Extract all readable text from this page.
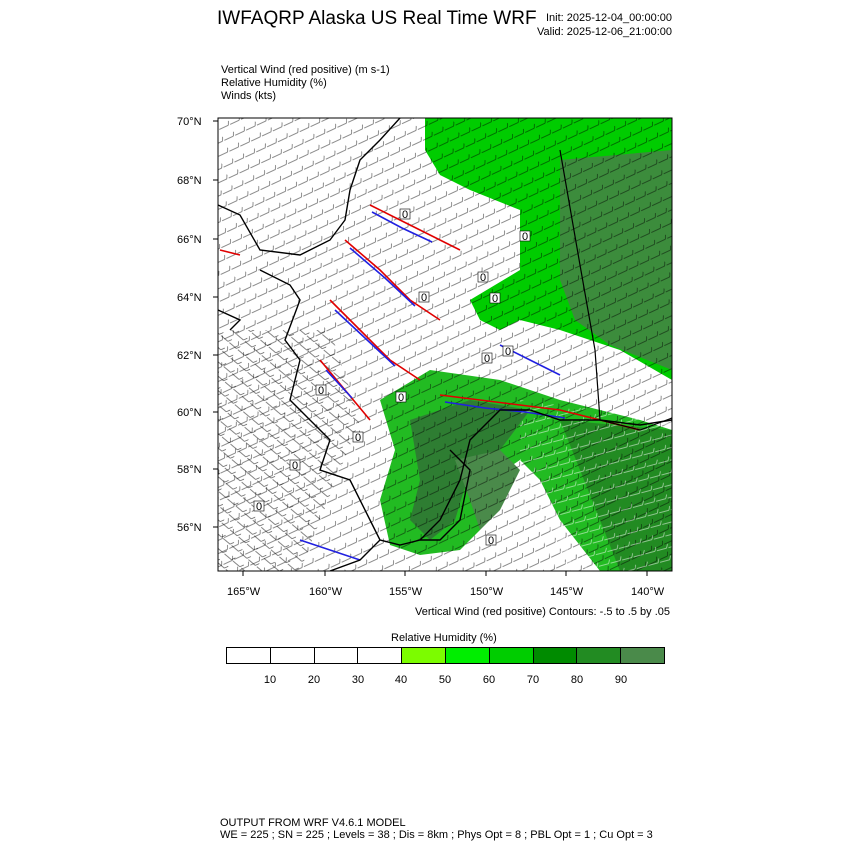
IWFAQRP Alaska US Real Time WRF Init: 2025-12-04_00:00:00
Valid: 2025-12-06_21:00:00
Vertical Wind (red positive) (m s-1)
Relative Humidity (%)
Winds (kts)
0
0
0
0	0
0
0
0
0
0
0
0
0
70°N
68°N
66°N
64°N
62°N
60°N
58°N
56°N
165°W	160°W	155°W	150°W	145°W	140°W
Vertical Wind (red positive) Contours: -.5 to .5 by .05
Relative Humidity (%)
10	20	30	40	50	60	70	80	90
OUTPUT FROM WRF V4.6.1 MODEL
WE = 225 ; SN = 225 ; Levels = 38 ; Dis = 8km ; Phys Opt = 8 ; PBL Opt = 1 ; Cu Opt = 3
